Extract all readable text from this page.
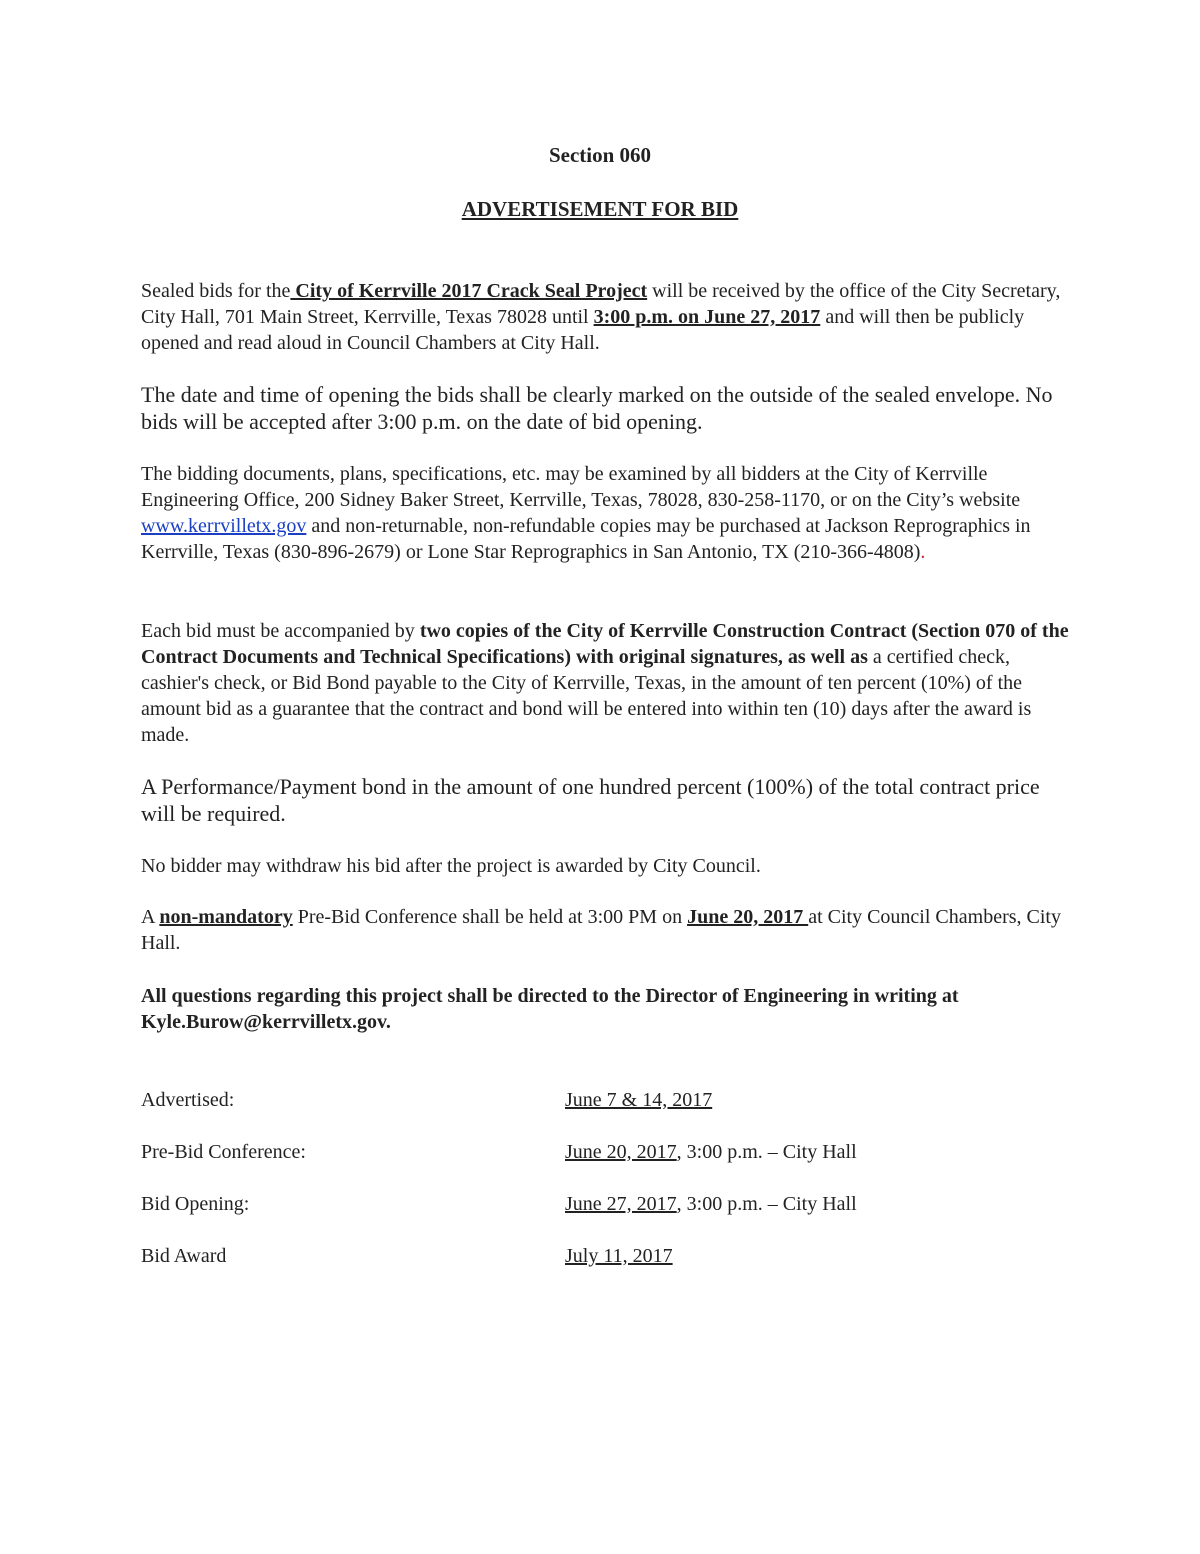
Section 060
ADVERTISEMENT FOR BID

Sealed bids for the City of Kerrville 2017 Crack Seal Project will be received by the office of the City Secretary, City Hall, 701 Main Street, Kerrville, Texas 78028 until 3:00 p.m. on June 27, 2017 and will then be publicly opened and read aloud in Council Chambers at City Hall.

The date and time of opening the bids shall be clearly marked on the outside of the sealed envelope. No bids will be accepted after 3:00 p.m. on the date of bid opening.

The bidding documents, plans, specifications, etc. may be examined by all bidders at the City of Kerrville Engineering Office, 200 Sidney Baker Street, Kerrville, Texas, 78028, 830-258-1170, or on the City’s website www.kerrvilletx.gov and non-returnable, non-refundable copies may be purchased at Jackson Reprographics in Kerrville, Texas (830-896-2679) or Lone Star Reprographics in San Antonio, TX (210-366-4808).

Each bid must be accompanied by two copies of the City of Kerrville Construction Contract (Section 070 of the Contract Documents and Technical Specifications) with original signatures, as well as a certified check, cashier's check, or Bid Bond payable to the City of Kerrville, Texas, in the amount of ten percent (10%) of the amount bid as a guarantee that the contract and bond will be entered into within ten (10) days after the award is made.

A Performance/Payment bond in the amount of one hundred percent (100%) of the total contract price will be required.

No bidder may withdraw his bid after the project is awarded by City Council.

A non-mandatory Pre-Bid Conference shall be held at 3:00 PM on June 20, 2017 at City Council Chambers, City Hall.

All questions regarding this project shall be directed to the Director of Engineering in writing at Kyle.Burow@kerrvilletx.gov.

Advertised:	June 7 & 14, 2017
Pre-Bid Conference:	June 20, 2017, 3:00 p.m. – City Hall
Bid Opening:	June 27, 2017, 3:00 p.m. – City Hall
Bid Award	July 11, 2017
